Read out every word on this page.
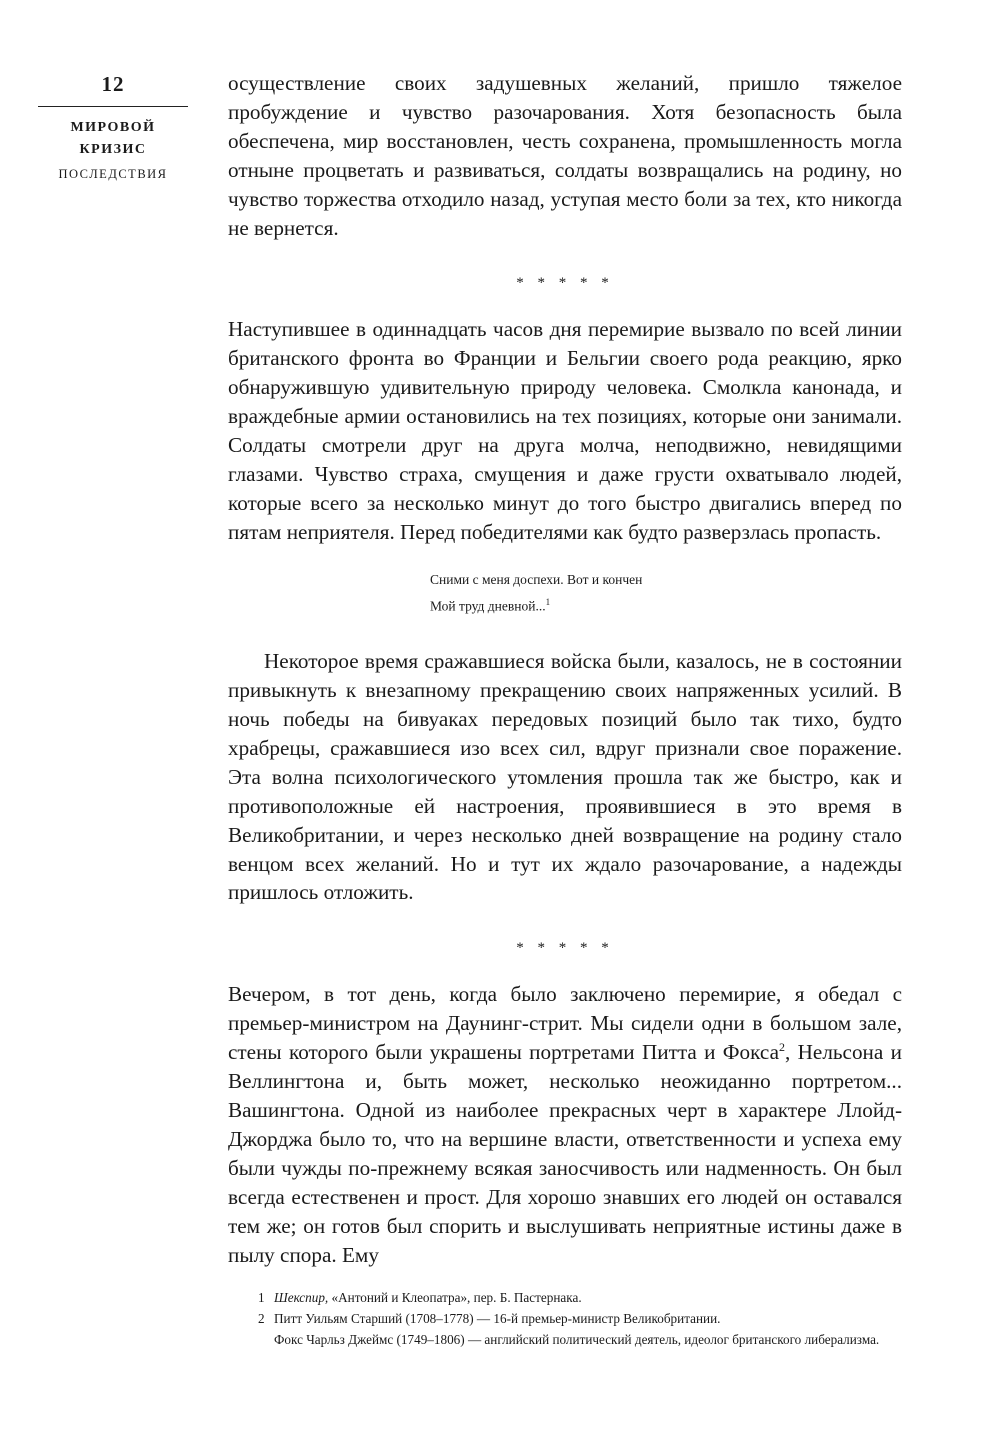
12
МИРОВОЙ
КРИЗИС
ПОСЛЕДСТВИЯ

осуществление своих задушевных желаний, пришло тяжелое пробуждение и чувство разочарования. Хотя безопасность была обеспечена, мир восстановлен, честь сохранена, промышленность могла отныне процветать и развиваться, солдаты возвращались на родину, но чувство торжества отходило назад, уступая место боли за тех, кто никогда не вернется.

* * * * *

Наступившее в одиннадцать часов дня перемирие вызвало по всей линии британского фронта во Франции и Бельгии своего рода реакцию, ярко обнаружившую удивительную природу человека. Смолкла канонада, и враждебные армии остановились на тех позициях, которые они занимали. Солдаты смотрели друг на друга молча, неподвижно, невидящими глазами. Чувство страха, смущения и даже грусти охватывало людей, которые всего за несколько минут до того быстро двигались вперед по пятам неприятеля. Перед победителями как будто разверзлась пропасть.

Сними с меня доспехи. Вот и кончен
Мой труд дневной...$^1$

Некоторое время сражавшиеся войска были, казалось, не в состоянии привыкнуть к внезапному прекращению своих напряженных усилий. В ночь победы на бивуаках передовых позиций было так тихо, будто храбрецы, сражавшиеся изо всех сил, вдруг признали свое поражение. Эта волна психологического утомления прошла так же быстро, как и противоположные ей настроения, проявившиеся в это время в Великобритании, и через несколько дней возвращение на родину стало венцом всех желаний. Но и тут их ждало разочарование, а надежды пришлось отложить.

* * * * *

Вечером, в тот день, когда было заключено перемирие, я обедал с премьер-министром на Даунинг-стрит. Мы сидели одни в большом зале, стены которого были украшены портретами Питта и Фокса$^2$, Нельсона и Веллингтона и, быть может, несколько неожиданно портретом... Вашингтона. Одной из наиболее прекрасных черт в характере Ллойд-Джорджа было то, что на вершине власти, ответственности и успеха ему были чужды по-прежнему всякая заносчивость или надменность. Он был всегда естественен и прост. Для хорошо знавших его людей он оставался тем же; он готов был спорить и выслушивать неприятные истины даже в пылу спора. Ему

1 Шекспир, «Антоний и Клеопатра», пер. Б. Пастернака.
2 Питт Уильям Старший (1708–1778) — 16-й премьер-министр Великобритании.
Фокс Чарльз Джеймс (1749–1806) — английский политический деятель, идеолог британского либерализма.
